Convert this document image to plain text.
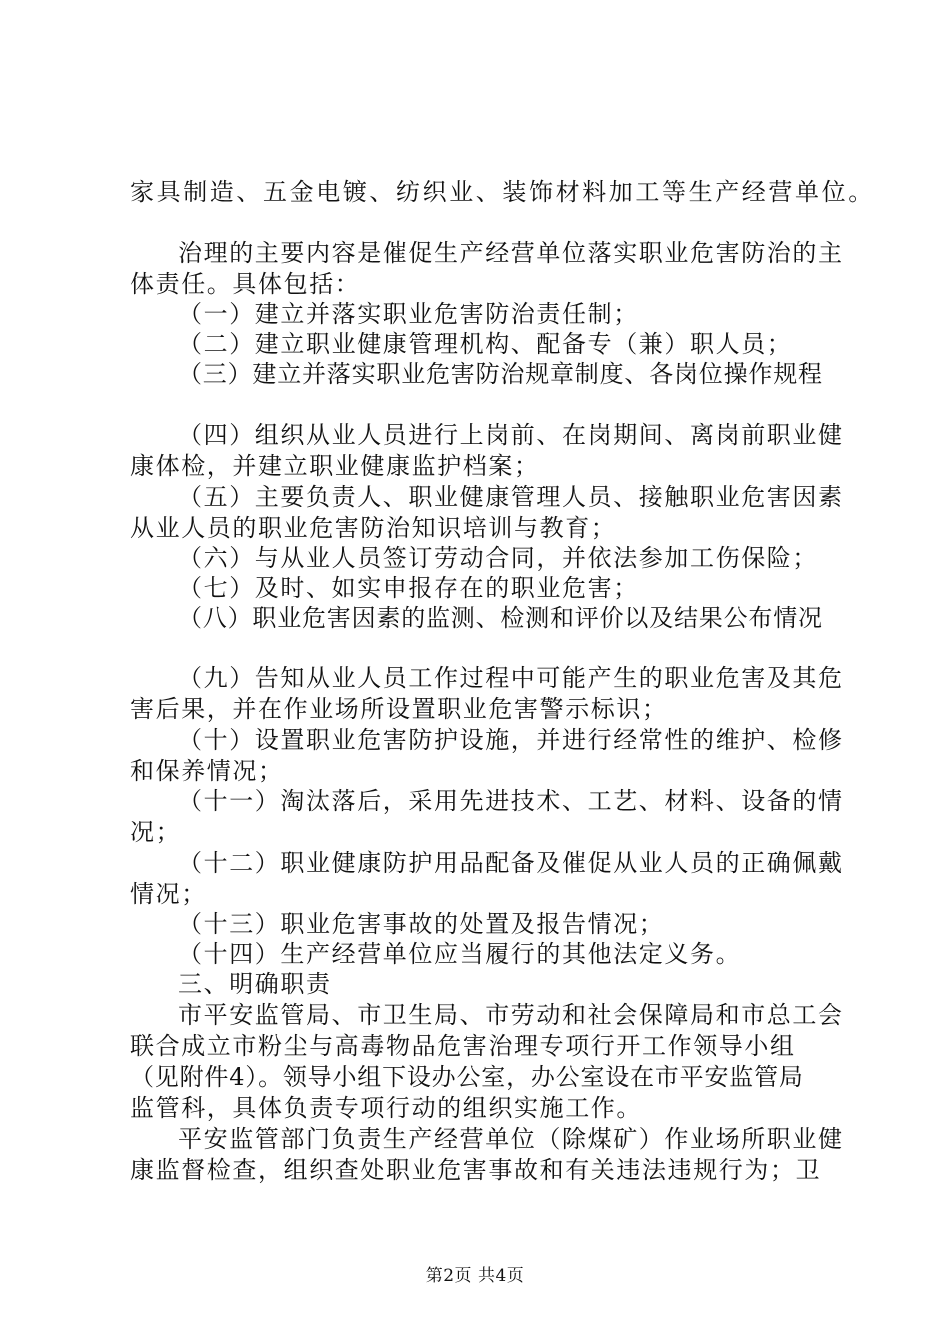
家具制造、五金电镀、纺织业、装饰材料加工等生产经营单位。
治理的主要内容是催促生产经营单位落实职业危害防治的主
体责任。具体包括：
（一）建立并落实职业危害防治责任制；
（二）建立职业健康管理机构、配备专（兼）职人员；
（三）建立并落实职业危害防治规章制度、各岗位操作规程
（四）组织从业人员进行上岗前、在岗期间、离岗前职业健
康体检，并建立职业健康监护档案；
（五）主要负责人、职业健康管理人员、接触职业危害因素
从业人员的职业危害防治知识培训与教育；
（六）与从业人员签订劳动合同，并依法参加工伤保险；
（七）及时、如实申报存在的职业危害；
（八）职业危害因素的监测、检测和评价以及结果公布情况
（九）告知从业人员工作过程中可能产生的职业危害及其危
害后果，并在作业场所设置职业危害警示标识；
（十）设置职业危害防护设施，并进行经常性的维护、检修
和保养情况；
（十一）淘汰落后，采用先进技术、工艺、材料、设备的情
况；
（十二）职业健康防护用品配备及催促从业人员的正确佩戴
情况；
（十三）职业危害事故的处置及报告情况；
（十四）生产经营单位应当履行的其他法定义务。
三、明确职责
市平安监管局、市卫生局、市劳动和社会保障局和市总工会
联合成立市粉尘与高毒物品危害治理专项行开工作领导小组
（见附件4）。领导小组下设办公室，办公室设在市平安监管局
监管科，具体负责专项行动的组织实施工作。
平安监管部门负责生产经营单位（除煤矿）作业场所职业健
康监督检查，组织查处职业危害事故和有关违法违规行为；卫
第2页 共4页
